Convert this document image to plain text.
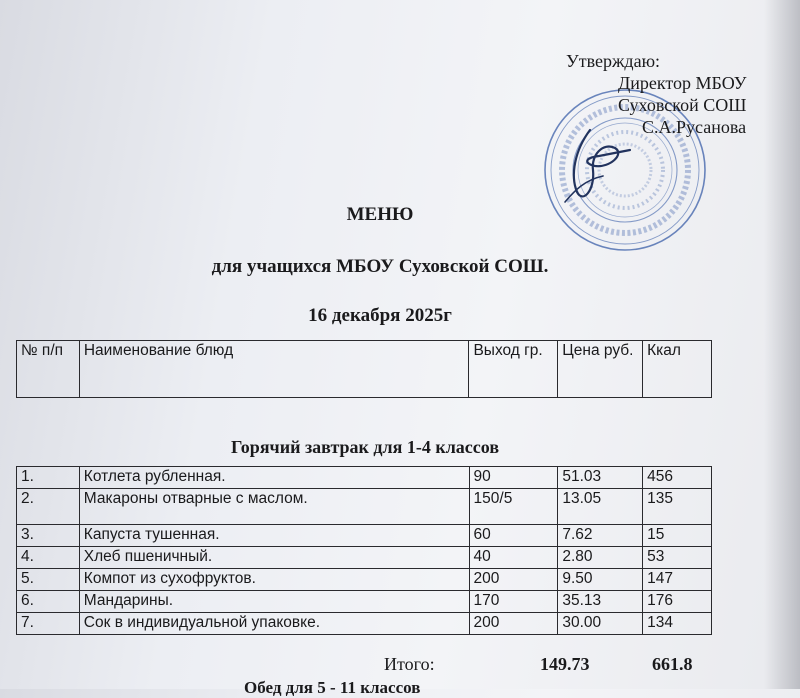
Утверждаю:
Директор МБОУ
Суховской СОШ
С.А.Русанова
МЕНЮ
для учащихся МБОУ Суховской СОШ.
16 декабря 2025г
№ п/п	Наименование блюд	Выход гр.	Цена руб.	Ккал
Горячий завтрак для 1-4 классов
1.	Котлета рубленная.	90	51.03	456
2.	Макароны отварные с маслом.	150/5	13.05	135
3.	Капуста тушенная.	60	7.62	15
4.	Хлеб пшеничный.	40	2.80	53
5.	Компот из сухофруктов.	200	9.50	147
6.	Мандарины.	170	35.13	176
7.	Сок в индивидуальной упаковке.	200	30.00	134
Итого:	149.73	661.8
Обед для 5 - 11 классов
